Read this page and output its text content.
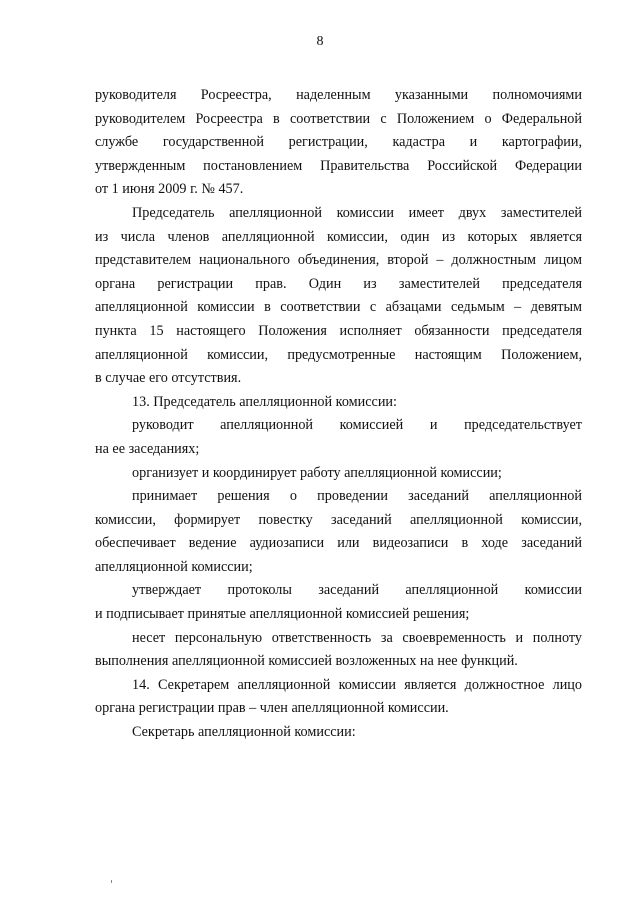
8
руководителя Росреестра, наделенным указанными полномочиями
руководителем Росреестра в соответствии с Положением о Федеральной
службе государственной регистрации, кадастра и картографии,
утвержденным постановлением Правительства Российской Федерации
от 1 июня 2009 г. № 457.
Председатель апелляционной комиссии имеет двух заместителей
из числа членов апелляционной комиссии, один из которых является
представителем национального объединения, второй – должностным лицом
органа регистрации прав. Один из заместителей председателя
апелляционной комиссии в соответствии с абзацами седьмым – девятым
пункта 15 настоящего Положения исполняет обязанности председателя
апелляционной комиссии, предусмотренные настоящим Положением,
в случае его отсутствия.
13. Председатель апелляционной комиссии:
руководит апелляционной комиссией и председательствует
на ее заседаниях;
организует и координирует работу апелляционной комиссии;
принимает решения о проведении заседаний апелляционной
комиссии, формирует повестку заседаний апелляционной комиссии,
обеспечивает ведение аудиозаписи или видеозаписи в ходе заседаний
апелляционной комиссии;
утверждает протоколы заседаний апелляционной комиссии
и подписывает принятые апелляционной комиссией решения;
несет персональную ответственность за своевременность и полноту
выполнения апелляционной комиссией возложенных на нее функций.
14. Секретарем апелляционной комиссии является должностное лицо
органа регистрации прав – член апелляционной комиссии.
Секретарь апелляционной комиссии:
